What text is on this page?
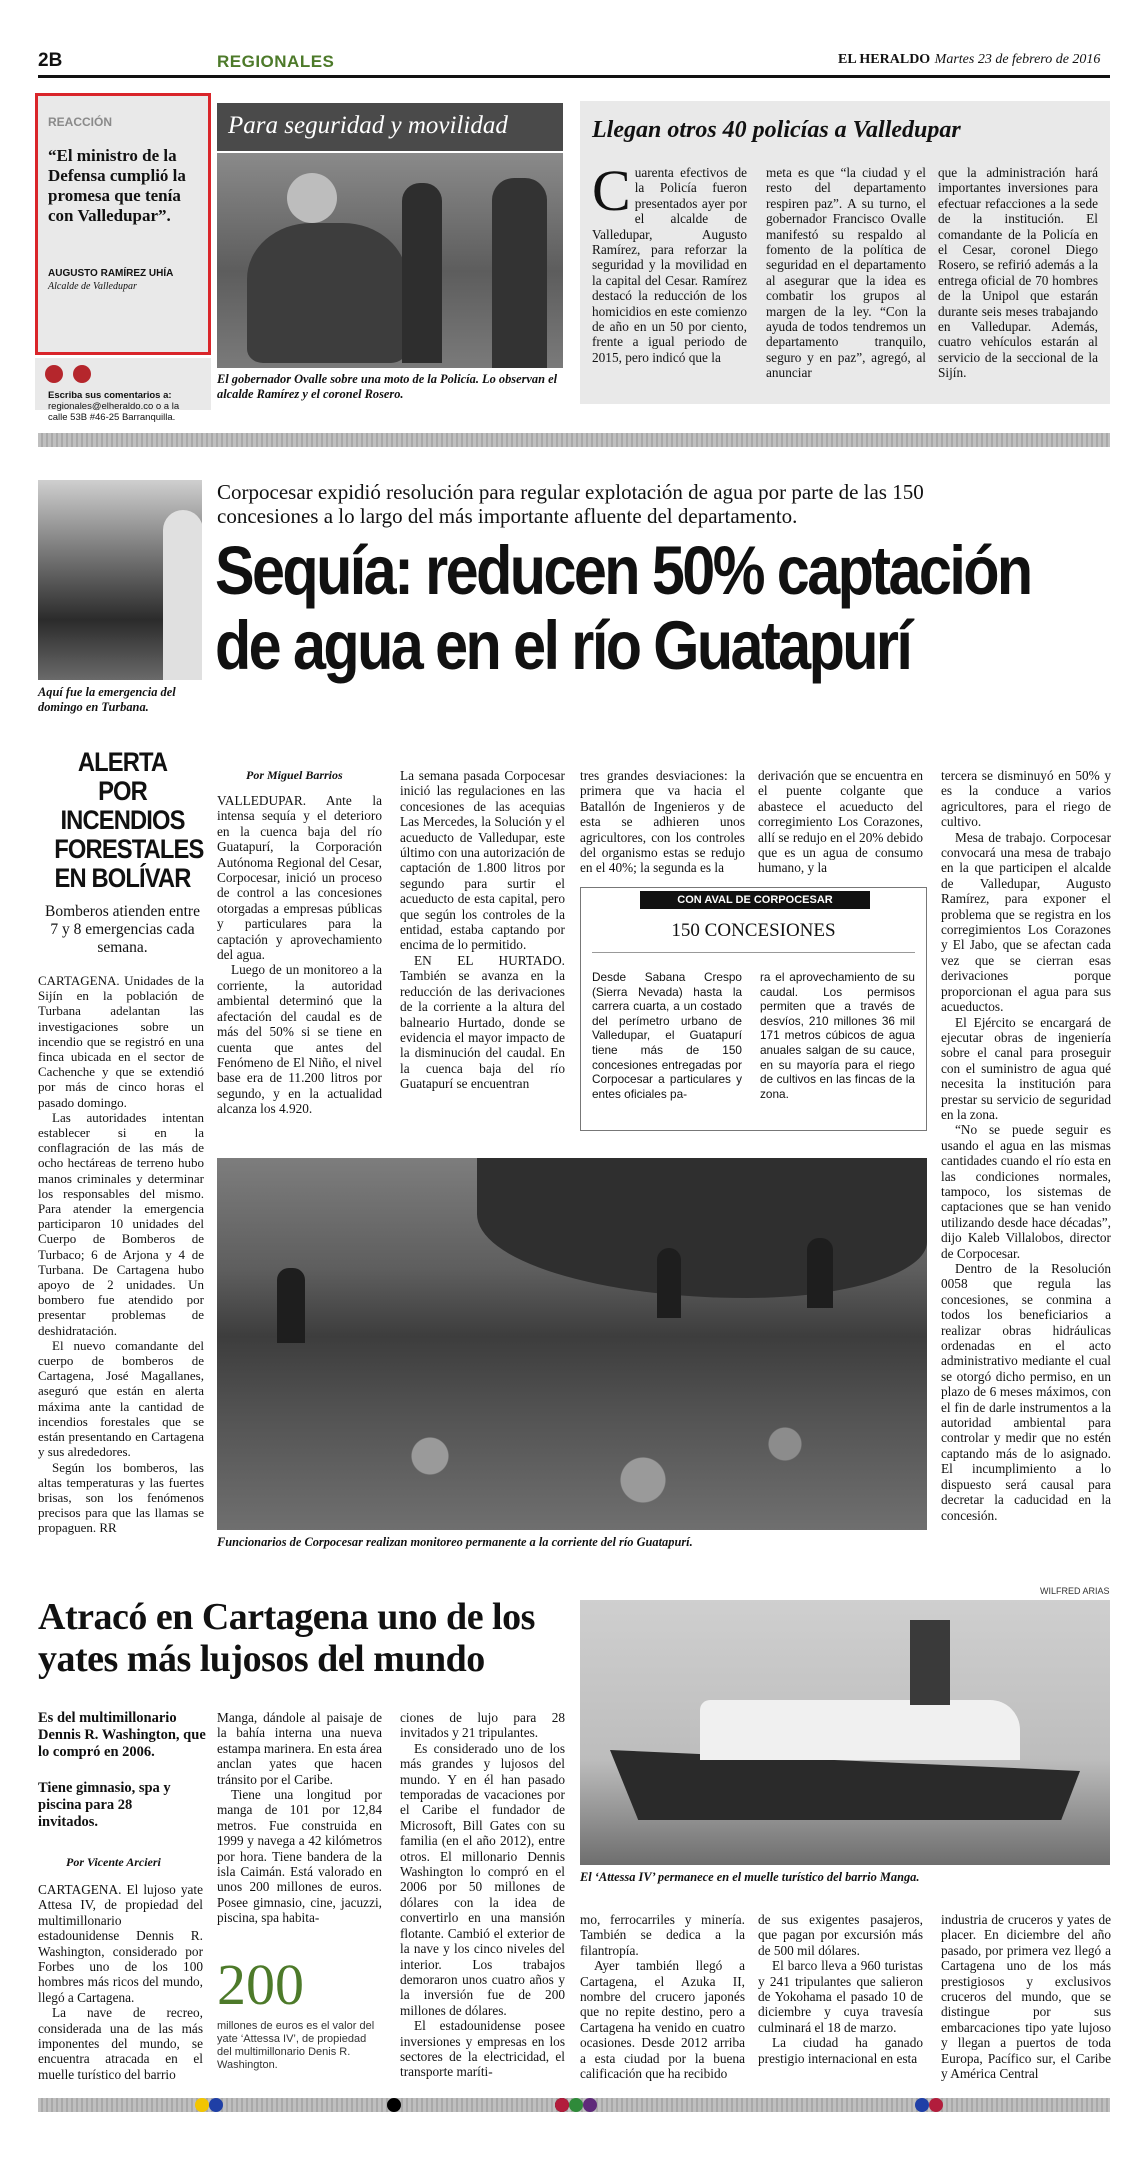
2B	REGIONALES	EL HERALDO Martes 23 de febrero de 2016
REACCIÓN
“El ministro de la Defensa cumplió la promesa que tenía con Valledupar”.
AUGUSTO RAMÍREZ UHÍA
Alcalde de Valledupar
Escriba sus comentarios a: regionales@elheraldo.co o a la calle 53B #46-25 Barranquilla.
Para seguridad y movilidad
El gobernador Ovalle sobre una moto de la Policía. Lo observan el alcalde Ramírez y el coronel Rosero.
Llegan otros 40 policías a Valledupar
Cuarenta efectivos de la Policía fueron presentados ayer por el alcalde de Valledupar, Augusto Ramírez, para reforzar la seguridad y la movilidad en la capital del Cesar. Ramírez destacó la reducción de los homicidios en este comienzo de año en un 50 por ciento, frente a igual periodo de 2015, pero indicó que la
meta es que “la ciudad y el resto del departamento respiren paz”. A su turno, el gobernador Francisco Ovalle manifestó su respaldo al fomento de la política de seguridad en el departamento al asegurar que la idea es combatir los grupos al margen de la ley. “Con la ayuda de todos tendremos un departamento tranquilo, seguro y en paz”, agregó, al anunciar
que la administración hará importantes inversiones para efectuar refacciones a la sede de la institución. El comandante de la Policía en el Cesar, coronel Diego Rosero, se refirió además a la entrega oficial de 70 hombres de la Unipol que estarán durante seis meses trabajando en Valledupar. Además, cuatro vehículos estarán al servicio de la seccional de la Sijín.
Aquí fue la emergencia del domingo en Turbana.
Corpocesar expidió resolución para regular explotación de agua por parte de las 150 concesiones a lo largo del más importante afluente del departamento.
Sequía: reducen 50% captación
de agua en el río Guatapurí
ALERTA POR INCENDIOS FORESTALES EN BOLÍVAR
Bomberos atienden entre 7 y 8 emergencias cada semana.

CARTAGENA. Unidades de la Sijín en la población de Turbana adelantan las investigaciones sobre un incendio que se registró en una finca ubicada en el sector de Cachenche y que se extendió por más de cinco horas el pasado domingo.

Las autoridades intentan establecer si en la conflagración de las más de ocho hectáreas de terreno hubo manos criminales y determinar los responsables del mismo. Para atender la emergencia participaron 10 unidades del Cuerpo de Bomberos de Turbaco; 6 de Arjona y 4 de Turbana. De Cartagena hubo apoyo de 2 unidades. Un bombero fue atendido por presentar problemas de deshidratación.

El nuevo comandante del cuerpo de bomberos de Cartagena, José Magallanes, aseguró que están en alerta máxima ante la cantidad de incendios forestales que se están presentando en Cartagena y sus alrededores.

Según los bomberos, las altas temperaturas y las fuertes brisas, son los fenómenos precisos para que las llamas se propaguen. RR

Por Miguel Barrios

VALLEDUPAR. Ante la intensa sequía y el deterioro en la cuenca baja del río Guatapurí, la Corporación Autónoma Regional del Cesar, Corpocesar, inició un proceso de control a las concesiones otorgadas a empresas públicas y particulares para la captación y aprovechamiento del agua.

Luego de un monitoreo a la corriente, la autoridad ambiental determinó que la afectación del caudal es de más del 50% si se tiene en cuenta que antes del Fenómeno de El Niño, el nivel base era de 11.200 litros por segundo, y en la actualidad alcanza los 4.920.

La semana pasada Corpocesar inició las regulaciones en las concesiones de las acequias Las Mercedes, la Solución y el acueducto de Valledupar, este último con una autorización de captación de 1.800 litros por segundo para surtir el acueducto de esta capital, pero que según los controles de la entidad, estaba captando por encima de lo permitido.

EN EL HURTADO. También se avanza en la reducción de las derivaciones de la corriente a la altura del balneario Hurtado, donde se evidencia el mayor impacto de la disminución del caudal. En la cuenca baja del río Guatapurí se encuentran

tres grandes desviaciones: la primera que va hacia el Batallón de Ingenieros y de esta se adhieren unos agricultores, con los controles del organismo estas se redujo en el 40%; la segunda es la
derivación que se encuentra en el puente colgante que abastece el acueducto del corregimiento Los Corazones, allí se redujo en el 20% debido que es un agua de consumo humano, y la

tercera se disminuyó en 50% y es la conduce a varios agricultores, para el riego de cultivo.

Mesa de trabajo. Corpocesar convocará una mesa de trabajo en la que participen el alcalde de Valledupar, Augusto Ramírez, para exponer el problema que se registra en los corregimientos Los Corazones y El Jabo, que se afectan cada vez que se cierran esas derivaciones porque proporcionan el agua para sus acueductos.

El Ejército se encargará de ejecutar obras de ingeniería sobre el canal para proseguir con el suministro de agua qué necesita la institución para prestar su servicio de seguridad en la zona.

“No se puede seguir es usando el agua en las mismas cantidades cuando el río esta en las condiciones normales, tampoco, los sistemas de captaciones que se han venido utilizando desde hace décadas”, dijo Kaleb Villalobos, director de Corpocesar.

Dentro de la Resolución 0058 que regula las concesiones, se conmina a todos los beneficiarios a realizar obras hidráulicas ordenadas en el acto administrativo mediante el cual se otorgó dicho permiso, en un plazo de 6 meses máximos, con el fin de darle instrumentos a la autoridad ambiental para controlar y medir que no estén captando más de lo asignado. El incumplimiento a lo dispuesto será causal para decretar la caducidad en la concesión.

CON AVAL DE CORPOCESAR
150 CONCESIONES
Desde Sabana Crespo (Sierra Nevada) hasta la carrera cuarta, a un costado del perímetro urbano de Valledupar, el Guatapurí tiene más de 150 concesiones entregadas por Corpocesar a particulares y entes oficiales pa-
ra el aprovechamiento de su caudal. Los permisos permiten que a través de desvíos, 210 millones 36 mil 171 metros cúbicos de agua anuales salgan de su cauce, en su mayoría para el riego de cultivos en las fincas de la zona.
Funcionarios de Corpocesar realizan monitoreo permanente a la corriente del río Guatapurí.
Atracó en Cartagena uno de los yates más lujosos del mundo
WILFRED ARIAS
El ‘Attessa IV’ permanece en el muelle turístico del barrio Manga.
Es del multimillonario Dennis R. Washington, que lo compró en 2006.
Tiene gimnasio, spa y piscina para 28 invitados.
Por Vicente Arcieri

CARTAGENA. El lujoso yate Attesa IV, de propiedad del multimillonario estadounidense Dennis R. Washington, considerado por Forbes uno de los 100 hombres más ricos del mundo, llegó a Cartagena.

La nave de recreo, considerada una de las más imponentes del mundo, se encuentra atracada en el muelle turístico del barrio

Manga, dándole al paisaje de la bahía interna una nueva estampa marinera. En esta área anclan yates que hacen tránsito por el Caribe.

Tiene una longitud por manga de 101 por 12,84 metros. Fue construida en 1999 y navega a 42 kilómetros por hora. Tiene bandera de la isla Caimán. Está valorado en unos 200 millones de euros. Posee gimnasio, cine, jacuzzi, piscina, spa habita-

200
millones de euros es el valor del yate ‘Attessa IV’, de propiedad del multimillonario Denis R. Washington.

ciones de lujo para 28 invitados y 21 tripulantes.

Es considerado uno de los más grandes y lujosos del mundo. Y en él han pasado temporadas de vacaciones por el Caribe el fundador de Microsoft, Bill Gates con su familia (en el año 2012), entre otros. El millonario Dennis Washington lo compró en el 2006 por 50 millones de dólares con la idea de convertirlo en una mansión flotante. Cambió el exterior de la nave y los cinco niveles del interior. Los trabajos demoraron unos cuatro años y la inversión fue de 200 millones de dólares.

El estadounidense posee inversiones y empresas en los sectores de la electricidad, el transporte maríti-

mo, ferrocarriles y minería. También se dedica a la filantropía.

Ayer también llegó a Cartagena, el Azuka II, nombre del crucero japonés que no repite destino, pero a Cartagena ha venido en cuatro ocasiones. Desde 2012 arriba a esta ciudad por la buena calificación que ha recibido

de sus exigentes pasajeros, que pagan por excursión más de 500 mil dólares.

El barco lleva a 960 turistas y 241 tripulantes que salieron de Yokohama el pasado 10 de diciembre y cuya travesía culminará el 18 de marzo.

La ciudad ha ganado prestigio internacional en esta

industria de cruceros y yates de placer. En diciembre del año pasado, por primera vez llegó a Cartagena uno de los más prestigiosos y exclusivos cruceros del mundo, que se distingue por sus embarcaciones tipo yate lujoso y llegan a puertos de toda Europa, Pacífico sur, el Caribe y América Central
